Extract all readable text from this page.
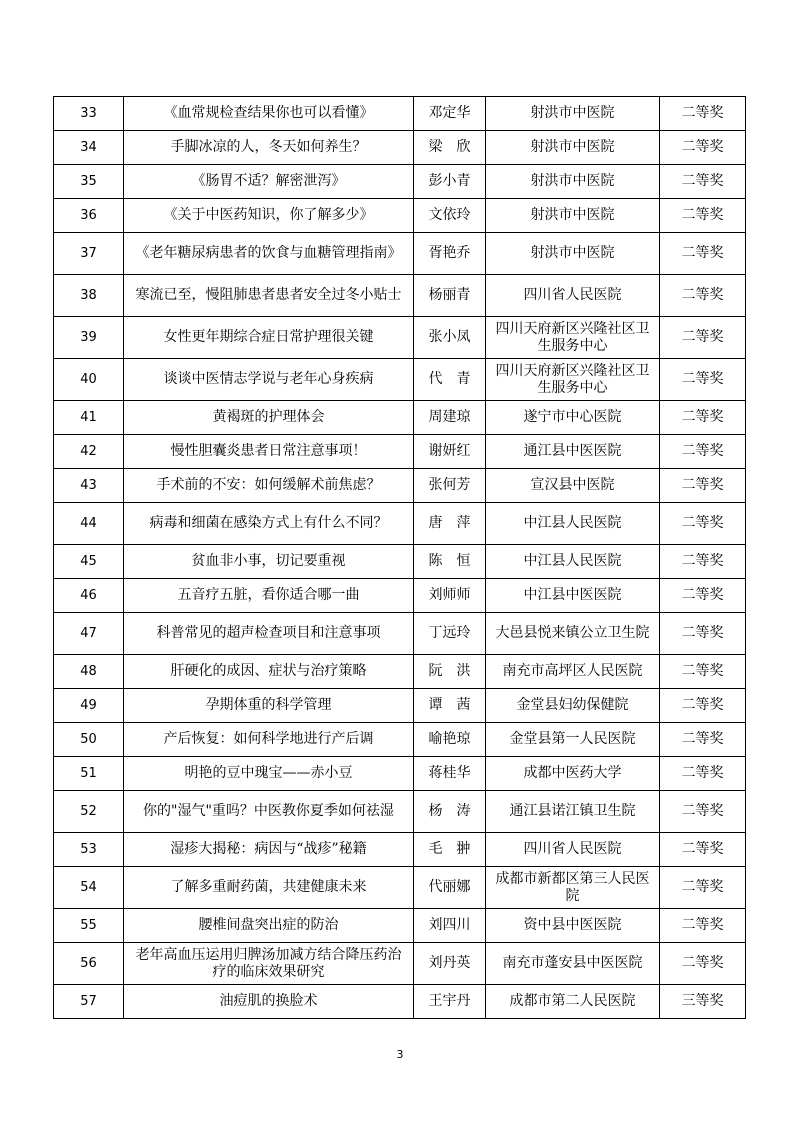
33	《血常规检查结果你也可以看懂》	邓定华	射洪市中医院	二等奖
34	手脚冰凉的人，冬天如何养生？	梁　欣	射洪市中医院	二等奖
35	《肠胃不适？解密泄泻》	彭小青	射洪市中医院	二等奖
36	《关于中医药知识，你了解多少》	文依玲	射洪市中医院	二等奖
37	《老年糖尿病患者的饮食与血糖管理指南》	胥艳乔	射洪市中医院	二等奖
38	寒流已至，慢阻肺患者患者安全过冬小贴士	杨丽青	四川省人民医院	二等奖
39	女性更年期综合症日常护理很关键	张小凤	四川天府新区兴隆社区卫生服务中心	二等奖
40	谈谈中医情志学说与老年心身疾病	代　青	四川天府新区兴隆社区卫生服务中心	二等奖
41	黄褐斑的护理体会	周建琼	遂宁市中心医院	二等奖
42	慢性胆囊炎患者日常注意事项！	谢妍红	通江县中医医院	二等奖
43	手术前的不安：如何缓解术前焦虑？	张何芳	宣汉县中医院	二等奖
44	病毒和细菌在感染方式上有什么不同？	唐　萍	中江县人民医院	二等奖
45	贫血非小事，切记要重视	陈　恒	中江县人民医院	二等奖
46	五音疗五脏，看你适合哪一曲	刘师师	中江县中医医院	二等奖
47	科普常见的超声检查项目和注意事项	丁远玲	大邑县悦来镇公立卫生院	二等奖
48	肝硬化的成因、症状与治疗策略	阮　洪	南充市高坪区人民医院	二等奖
49	孕期体重的科学管理	谭　茜	金堂县妇幼保健院	二等奖
50	产后恢复：如何科学地进行产后调	喻艳琼	金堂县第一人民医院	二等奖
51	明艳的豆中瑰宝——赤小豆	蒋桂华	成都中医药大学	二等奖
52	你的"湿气"重吗？中医教你夏季如何祛湿	杨　涛	通江县诺江镇卫生院	二等奖
53	湿疹大揭秘：病因与“战疹”秘籍	毛　翀	四川省人民医院	二等奖
54	了解多重耐药菌，共建健康未来	代丽娜	成都市新都区第三人民医院	二等奖
55	腰椎间盘突出症的防治	刘四川	资中县中医医院	二等奖
56	老年高血压运用归脾汤加减方结合降压药治疗的临床效果研究	刘丹英	南充市蓬安县中医医院	二等奖
57	油痘肌的换脸术	王宇丹	成都市第二人民医院	三等奖
3
